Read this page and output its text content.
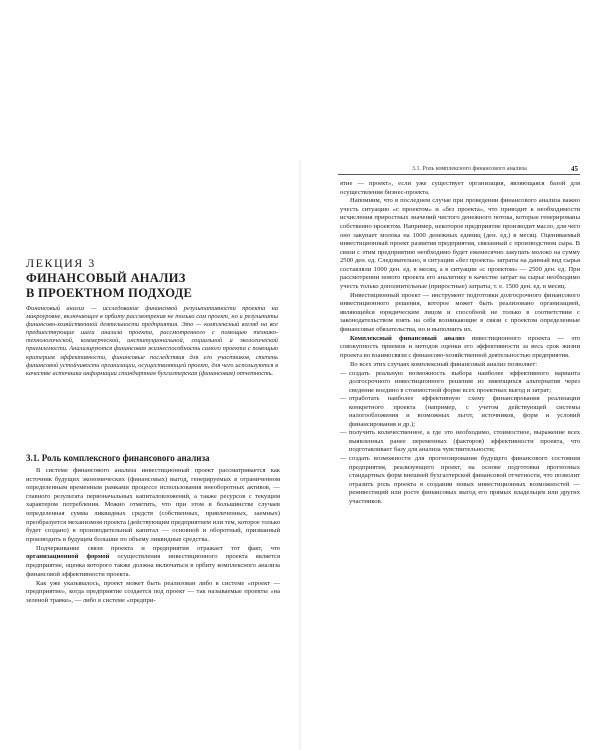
ЛЕКЦИЯ 3
ФИНАНСОВЫЙ АНАЛИЗ
В ПРОЕКТНОМ ПОДХОДЕ
Финансовый анализ — исследование финансовой результативности проекта на микроуровне, включающее в орбиту рассмотрения не только сам проект, но и результаты финансово-хозяйственной деятельности предприятия. Это — комплексный взгляд на все предшествующие шаги анализа проекта, рассмотренного с помощью технико-технологической, коммерческой, институциональной, социальной и экологической приемлемости. Анализируются финансовая жизнеспособность самого проекта с помощью критериев эффективности, финансовые последствия для его участников, степень финансовой устойчивости организации, осуществляющей проект, для чего используются в качестве источника информации стандартная бухгалтерская (финансовая) отчетность.
3.1. Роль комплексного финансового анализа

В системе финансового анализа инвестиционный проект рассматривается как источник будущих экономических (финансовых) выгод, генерируемых в ограниченном определенным временным рамками процессе использования внеоборотных активов, — главного результата первоначальных капиталовложений, а также ресурсов с текущим характером потребления. Можно отметить, что при этом в большинстве случаев определенная сумма ликвидных средств (собственных, привлеченных, заемных) преобразуется механизмом проекта (действующим предприятием или тем, которое только будет создано) в производительный капитал — основной и оборотный, призванный производить в будущем большие по объему ликвидные средства.

Подчеркивание связи проекта и предприятия отражает тот факт, что организационной формой осуществления инвестиционного проекта является предприятие, оценка которого также должна включаться в орбиту комплексного анализа финансовой эффективности проекта.

Как уже указывалось, проект может быть реализован либо в системе «проект — предприятие», когда предприятие создается под проект — так называемые проекты «на зеленой травке», — либо в системе «предпри-

3.1. Роль комплексного финансового анализа	45

ятие — проект», если уже существует организация, являющаяся базой для осуществления бизнес-проекта.

Напомним, что в последнем случае при проведении финансового анализа важно учесть ситуацию «с проектом» и «без проекта», что приводит к необходимости исчисления приростных значений чистого денежного потока, которые генерированы собственно проектом. Например, некоторое предприятие производит масло, для чего оно закупает молока на 1000 денежных единиц (ден. ед.) в месяц. Оцениваемый инвестиционный проект развития предприятия, связанный с производством сыра. В связи с этим предприятию необходимо будет ежемесячно закупать молоко на сумму 2500 ден. ед. Следовательно, в ситуации «без проекта» затраты на данный вид сырья составляли 1000 ден. ед. в месяц, а в ситуации «с проектом» — 2500 ден. ед. При рассмотрении нового проекта его аналитику в качестве затрат на сырье необходимо учесть только дополнительные (приростные) затраты, т. е. 1500 ден. ед. в месяц.

Инвестиционный проект — инструмент подготовки долгосрочного финансового инвестиционного решения, которое может быть реализовано организацией, являющейся юридическим лицом и способной не только в соответствии с законодательством взять на себя возникающие в связи с проектом определенные финансовые обязательства, но и выполнить их.

Комплексный финансовый анализ инвестиционного проекта — это совокупность приемов и методов оценки его эффективности за весь срок жизни проекта во взаимосвязи с финансово-хозяйственной деятельностью предприятия.

Во всех этих случаях комплексный финансовый анализ позволяет:

— создать реальную возможность выбора наиболее эффективного варианта долгосрочного инвестиционного решения из имеющихся альтернатив через сведение воедино в стоимостной форме всех проектных выгод и затрат;
— отработать наиболее эффективную схему финансирования реализации конкретного проекта (например, с учетом действующей системы налогообложения и возможных льгот, источников, форм и условий финансирования и др.);
— получить количественное, а где это необходимо, стоимостное, выражение всех выявленных ранее переменных (факторов) эффективности проекта, что подготавливает базу для анализа чувствительности;
— создать возможности для прогнозирования будущего финансового состояния предприятия, реализующего проект, на основе подготовки прогнозных стандартных форм внешней бухгалтерской финансовой отчетности, что позволит отразить роль проекта в создании новых инвестиционных возможностей — реинвестиций или росте финансовых выгод его прямых владельцев или других участников.
